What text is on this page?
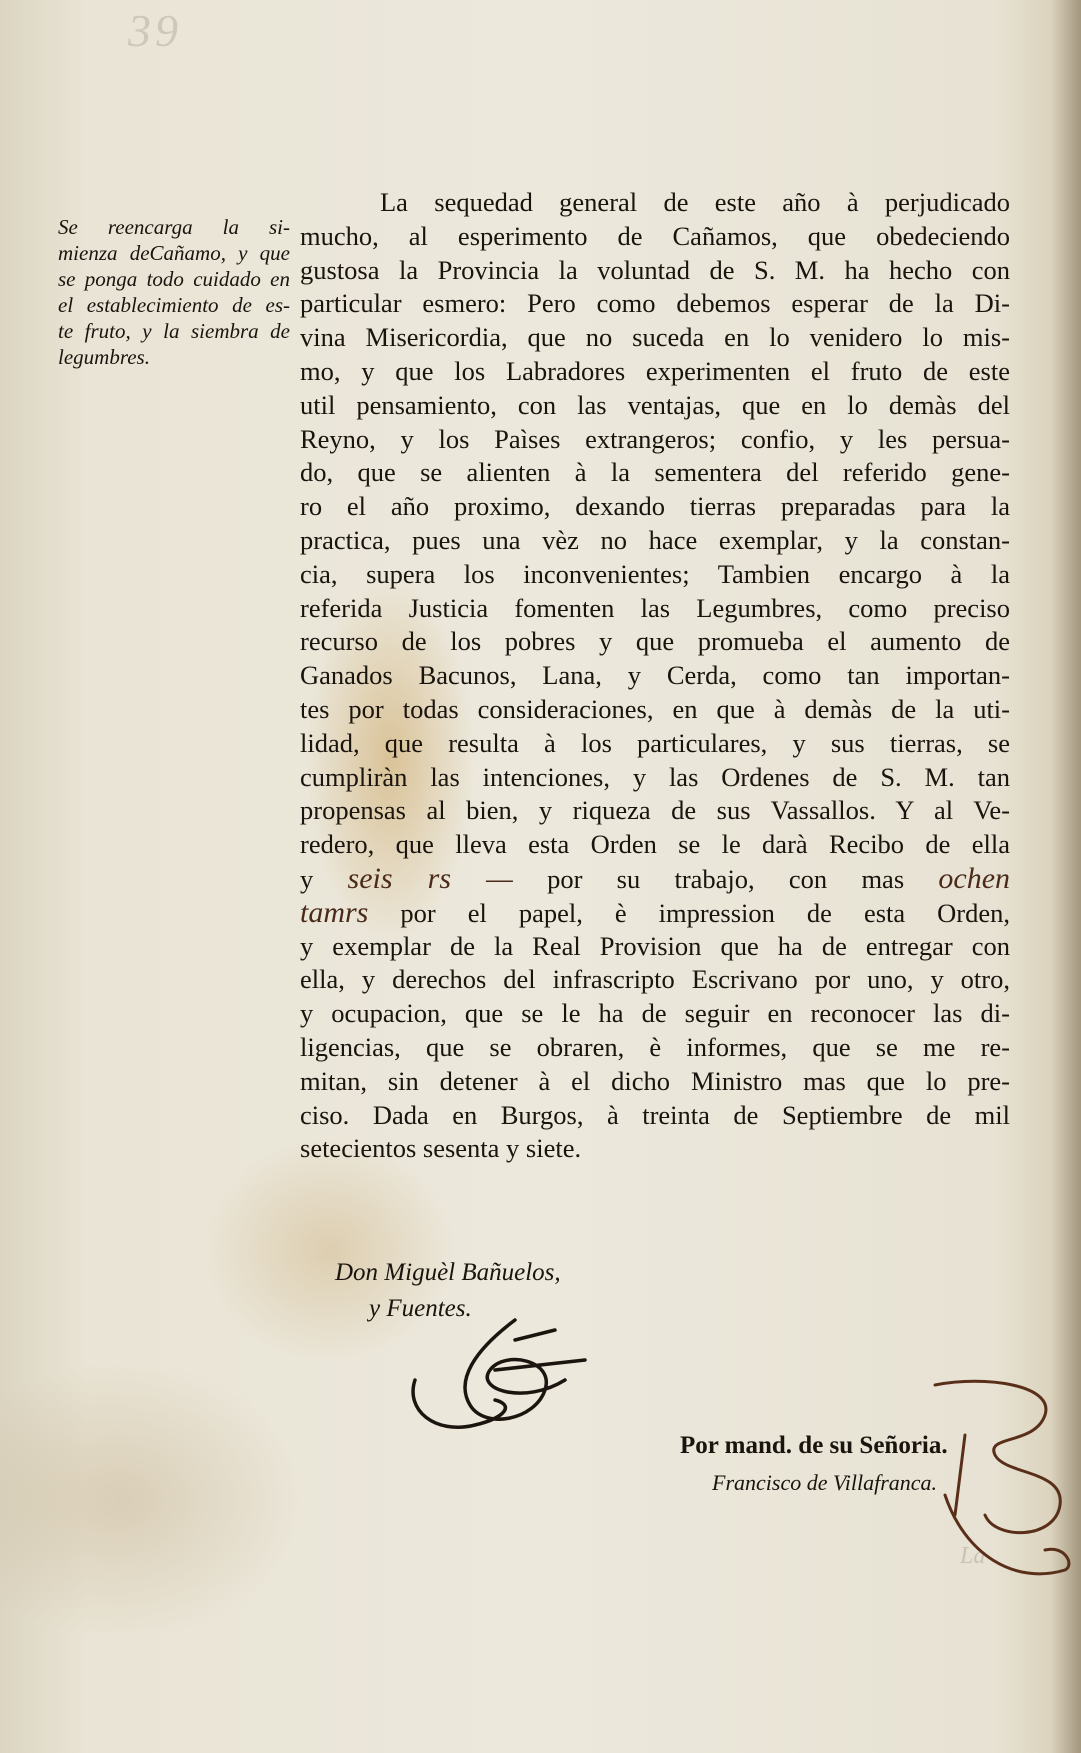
39
Se reencarga la si-
mienza deCañamo, y que
se ponga todo cuidado en
el establecimiento de es-
te fruto, y la siembra de
legumbres.
La sequedad general de este año à perjudicado
mucho, al esperimento de Cañamos, que obedeciendo
gustosa la Provincia la voluntad de S. M. ha hecho con
particular esmero: Pero como debemos esperar de la Di-
vina Misericordia, que no suceda en lo venidero lo mis-
mo, y que los Labradores experimenten el fruto de este
util pensamiento, con las ventajas, que en lo demàs del
Reyno, y los Paìses extrangeros; confio, y les persua-
do, que se alienten à la sementera del referido gene-
ro el año proximo, dexando tierras preparadas para la
practica, pues una vèz no hace exemplar, y la constan-
cia, supera los inconvenientes; Tambien encargo à la
referida Justicia fomenten las Legumbres, como preciso
recurso de los pobres y que promueba el aumento de
Ganados Bacunos, Lana, y Cerda, como tan importan-
tes por todas consideraciones, en que à demàs de la uti-
lidad, que resulta à los particulares, y sus tierras, se
cumpliràn las intenciones, y las Ordenes de S. M. tan
propensas al bien, y riqueza de sus Vassallos. Y al Ve-
redero, que lleva esta Orden se le darà Recibo de ella
y seis rs — por su trabajo, con mas ochen
tamrs por el papel, è impression de esta Orden,
y exemplar de la Real Provision que ha de entregar con
ella, y derechos del infrascripto Escrivano por uno, y otro,
y ocupacion, que se le ha de seguir en reconocer las di-
ligencias, que se obraren, è informes, que se me re-
mitan, sin detener à el dicho Ministro mas que lo pre-
ciso. Dada en Burgos, à treinta de Septiembre de mil
setecientos sesenta y siete.
Don Miguèl Bañuelos,
y Fuentes.
Por mand. de su Señoria.
Francisco de Villafranca.
La
